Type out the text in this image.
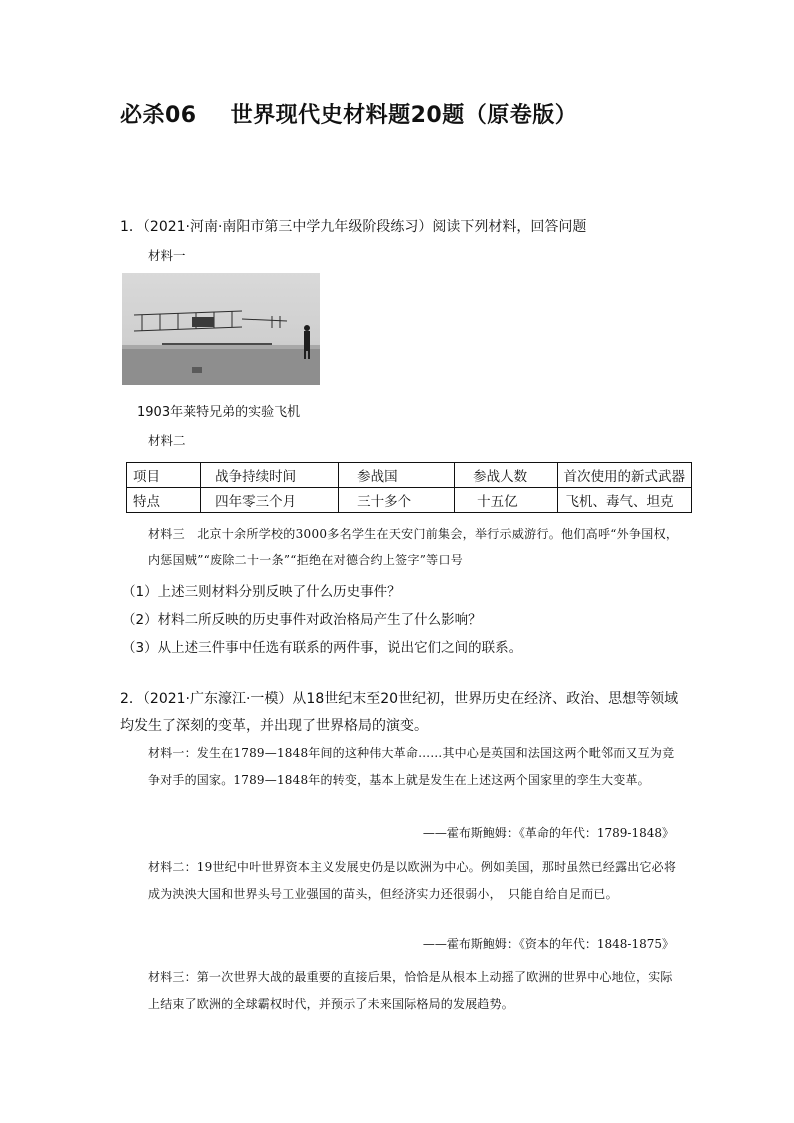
必杀06 世界现代史材料题20题（原卷版）
1．（2021·河南·南阳市第三中学九年级阶段练习）阅读下列材料，回答问题
材料一
1903年莱特兄弟的实验飞机
材料二
项目	战争持续时间	参战国	参战人数	首次使用的新式武器
特点	四年零三个月	三十多个	十五亿	飞机、毒气、坦克
材料三　北京十余所学校的3000多名学生在天安门前集会，举行示威游行。他们高呼“外争国权，内惩国贼”“废除二十一条”“拒绝在对德合约上签字”等口号
（1）上述三则材料分别反映了什么历史事件？
（2）材料二所反映的历史事件对政治格局产生了什么影响？
（3）从上述三件事中任选有联系的两件事，说出它们之间的联系。
2．（2021·广东濠江·一模）从18世纪末至20世纪初，世界历史在经济、政治、思想等领域均发生了深刻的变革，并出现了世界格局的演变。
材料一：发生在1789—1848年间的这种伟大革命……其中心是英国和法国这两个毗邻而又互为竞争对手的国家。1789—1848年的转变，基本上就是发生在上述这两个国家里的孪生大变革。
——霍布斯鲍姆：《革命的年代：1789-1848》
材料二：19世纪中叶世界资本主义发展史仍是以欧洲为中心。例如美国，那时虽然已经露出它必将成为泱泱大国和世界头号工业强国的苗头，但经济实力还很弱小，　只能自给自足而已。
——霍布斯鲍姆：《资本的年代：1848-1875》
材料三：第一次世界大战的最重要的直接后果，恰恰是从根本上动摇了欧洲的世界中心地位，实际上结束了欧洲的全球霸权时代，并预示了未来国际格局的发展趋势。
